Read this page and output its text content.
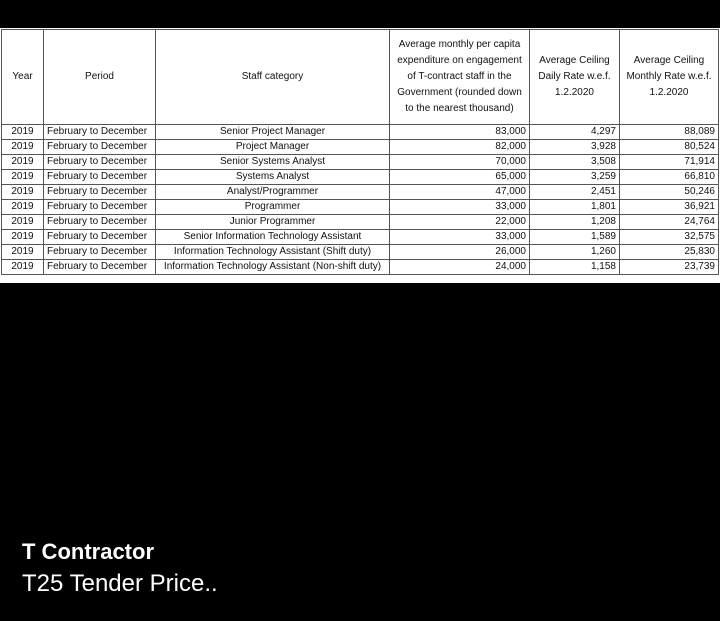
Year	Period	Staff category	Average monthly per capita expenditure on engagement of T-contract staff in the Government (rounded down to the nearest thousand)	Average Ceiling Daily Rate w.e.f. 1.2.2020	Average Ceiling Monthly Rate w.e.f. 1.2.2020
2019	February to December	Senior Project Manager	83,000	4,297	88,089
2019	February to December	Project Manager	82,000	3,928	80,524
2019	February to December	Senior Systems Analyst	70,000	3,508	71,914
2019	February to December	Systems Analyst	65,000	3,259	66,810
2019	February to December	Analyst/Programmer	47,000	2,451	50,246
2019	February to December	Programmer	33,000	1,801	36,921
2019	February to December	Junior Programmer	22,000	1,208	24,764
2019	February to December	Senior Information Technology Assistant	33,000	1,589	32,575
2019	February to December	Information Technology Assistant (Shift duty)	26,000	1,260	25,830
2019	February to December	Information Technology Assistant (Non-shift duty)	24,000	1,158	23,739
T Contractor
T25 Tender Price..
